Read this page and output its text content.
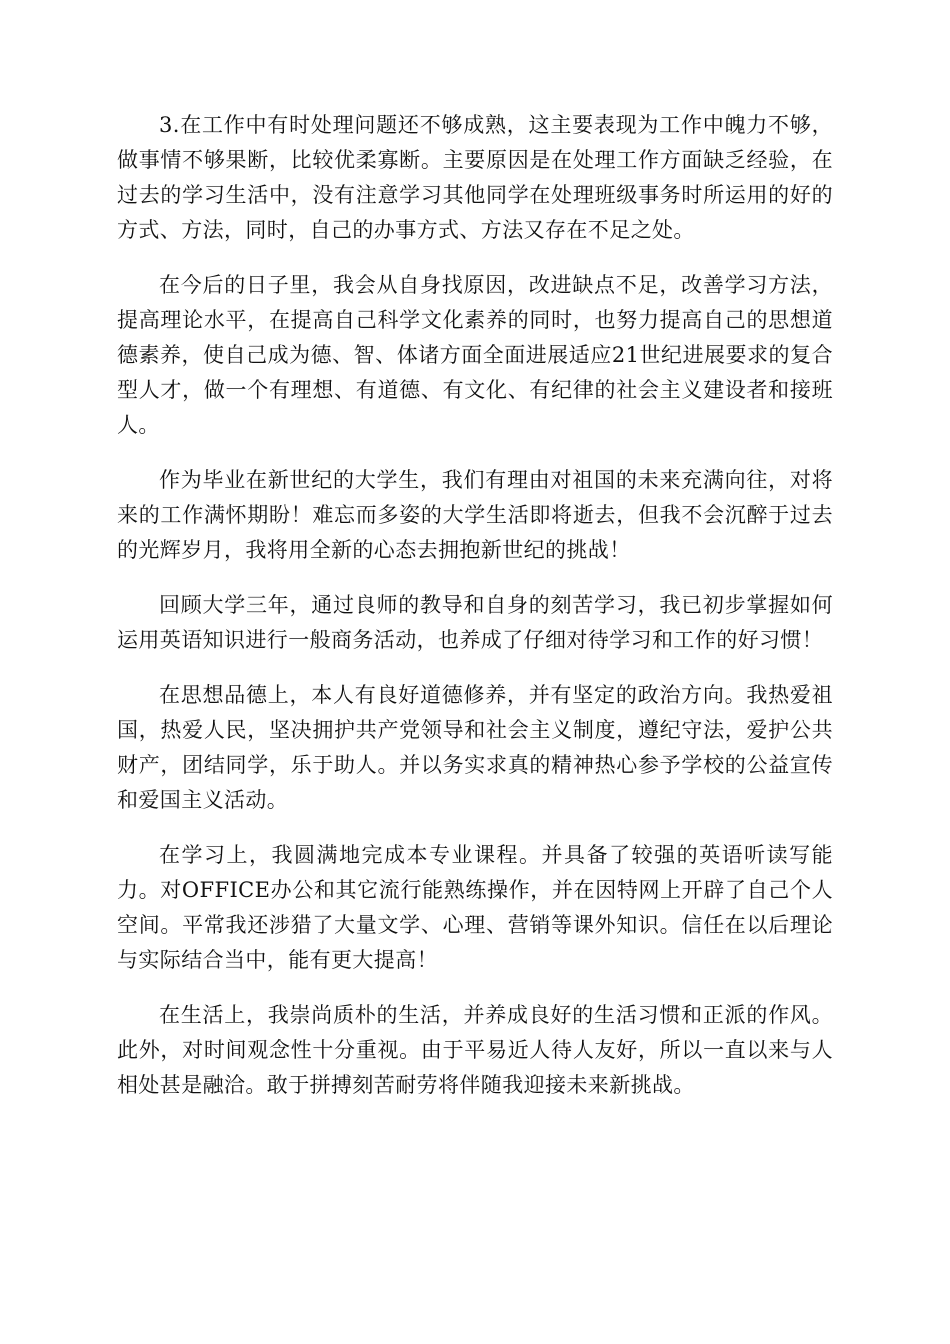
3.在工作中有时处理问题还不够成熟，这主要表现为工作中魄力不够，做事情不够果断，比较优柔寡断。主要原因是在处理工作方面缺乏经验，在过去的学习生活中，没有注意学习其他同学在处理班级事务时所运用的好的方式、方法，同时，自己的办事方式、方法又存在不足之处。

在今后的日子里，我会从自身找原因，改进缺点不足，改善学习方法，提高理论水平，在提高自己科学文化素养的同时，也努力提高自己的思想道德素养，使自己成为德、智、体诸方面全面进展适应21世纪进展要求的复合型人才，做一个有理想、有道德、有文化、有纪律的社会主义建设者和接班人。

作为毕业在新世纪的大学生，我们有理由对祖国的未来充满向往，对将来的工作满怀期盼！难忘而多姿的大学生活即将逝去，但我不会沉醉于过去的光辉岁月，我将用全新的心态去拥抱新世纪的挑战！

回顾大学三年，通过良师的教导和自身的刻苦学习，我已初步掌握如何运用英语知识进行一般商务活动，也养成了仔细对待学习和工作的好习惯！

在思想品德上，本人有良好道德修养，并有坚定的政治方向。我热爱祖国，热爱人民，坚决拥护共产党领导和社会主义制度，遵纪守法，爱护公共财产，团结同学，乐于助人。并以务实求真的精神热心参予学校的公益宣传和爱国主义活动。

在学习上，我圆满地完成本专业课程。并具备了较强的英语听读写能力。对OFFICE办公和其它流行能熟练操作，并在因特网上开辟了自己个人空间。平常我还涉猎了大量文学、心理、营销等课外知识。信任在以后理论与实际结合当中，能有更大提高！

在生活上，我崇尚质朴的生活，并养成良好的生活习惯和正派的作风。此外，对时间观念性十分重视。由于平易近人待人友好，所以一直以来与人相处甚是融洽。敢于拼搏刻苦耐劳将伴随我迎接未来新挑战。
